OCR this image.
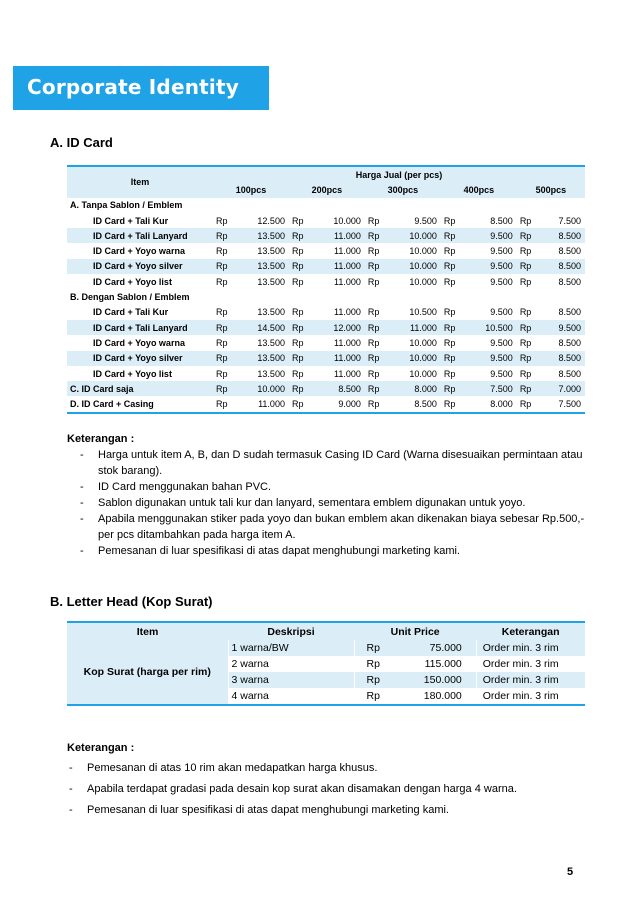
Corporate Identity
A. ID Card
Item	Harga Jual (per pcs)									
	100pcs		200pcs		300pcs		400pcs		500pcs	
A. Tanpa Sablon / Emblem										
ID Card + Tali Kur	Rp	12.500	Rp	10.000	Rp	9.500	Rp	8.500	Rp	7.500
ID Card + Tali Lanyard	Rp	13.500	Rp	11.000	Rp	10.000	Rp	9.500	Rp	8.500
ID Card + Yoyo warna	Rp	13.500	Rp	11.000	Rp	10.000	Rp	9.500	Rp	8.500
ID Card + Yoyo silver	Rp	13.500	Rp	11.000	Rp	10.000	Rp	9.500	Rp	8.500
ID Card + Yoyo list	Rp	13.500	Rp	11.000	Rp	10.000	Rp	9.500	Rp	8.500
B. Dengan Sablon / Emblem										
ID Card + Tali Kur	Rp	13.500	Rp	11.000	Rp	10.500	Rp	9.500	Rp	8.500
ID Card + Tali Lanyard	Rp	14.500	Rp	12.000	Rp	11.000	Rp	10.500	Rp	9.500
ID Card + Yoyo warna	Rp	13.500	Rp	11.000	Rp	10.000	Rp	9.500	Rp	8.500
ID Card + Yoyo silver	Rp	13.500	Rp	11.000	Rp	10.000	Rp	9.500	Rp	8.500
ID Card + Yoyo list	Rp	13.500	Rp	11.000	Rp	10.000	Rp	9.500	Rp	8.500
C. ID Card saja	Rp	10.000	Rp	8.500	Rp	8.000	Rp	7.500	Rp	7.000
D. ID Card + Casing	Rp	11.000	Rp	9.000	Rp	8.500	Rp	8.000	Rp	7.500
Keterangan :
- Harga untuk item A, B, dan D sudah termasuk Casing ID Card (Warna disesuaikan permintaan atau stok barang).
- ID Card menggunakan bahan PVC.
- Sablon digunakan untuk tali kur dan lanyard, sementara emblem digunakan untuk yoyo.
- Apabila menggunakan stiker pada yoyo dan bukan emblem akan dikenakan biaya sebesar Rp.500,- per pcs ditambahkan pada harga item A.
- Pemesanan di luar spesifikasi di atas dapat menghubungi marketing kami.
B. Letter Head (Kop Surat)
Item	Deskripsi	Unit Price		Keterangan
Kop Surat (harga per rim)	1 warna/BW	Rp	75.000	Order min. 3 rim
	2 warna	Rp	115.000	Order min. 3 rim
	3 warna	Rp	150.000	Order min. 3 rim
	4 warna	Rp	180.000	Order min. 3 rim
Keterangan :
- Pemesanan di atas 10 rim akan medapatkan harga khusus.
- Apabila terdapat gradasi pada desain kop surat akan disamakan dengan harga 4 warna.
- Pemesanan di luar spesifikasi di atas dapat menghubungi marketing kami.
5
